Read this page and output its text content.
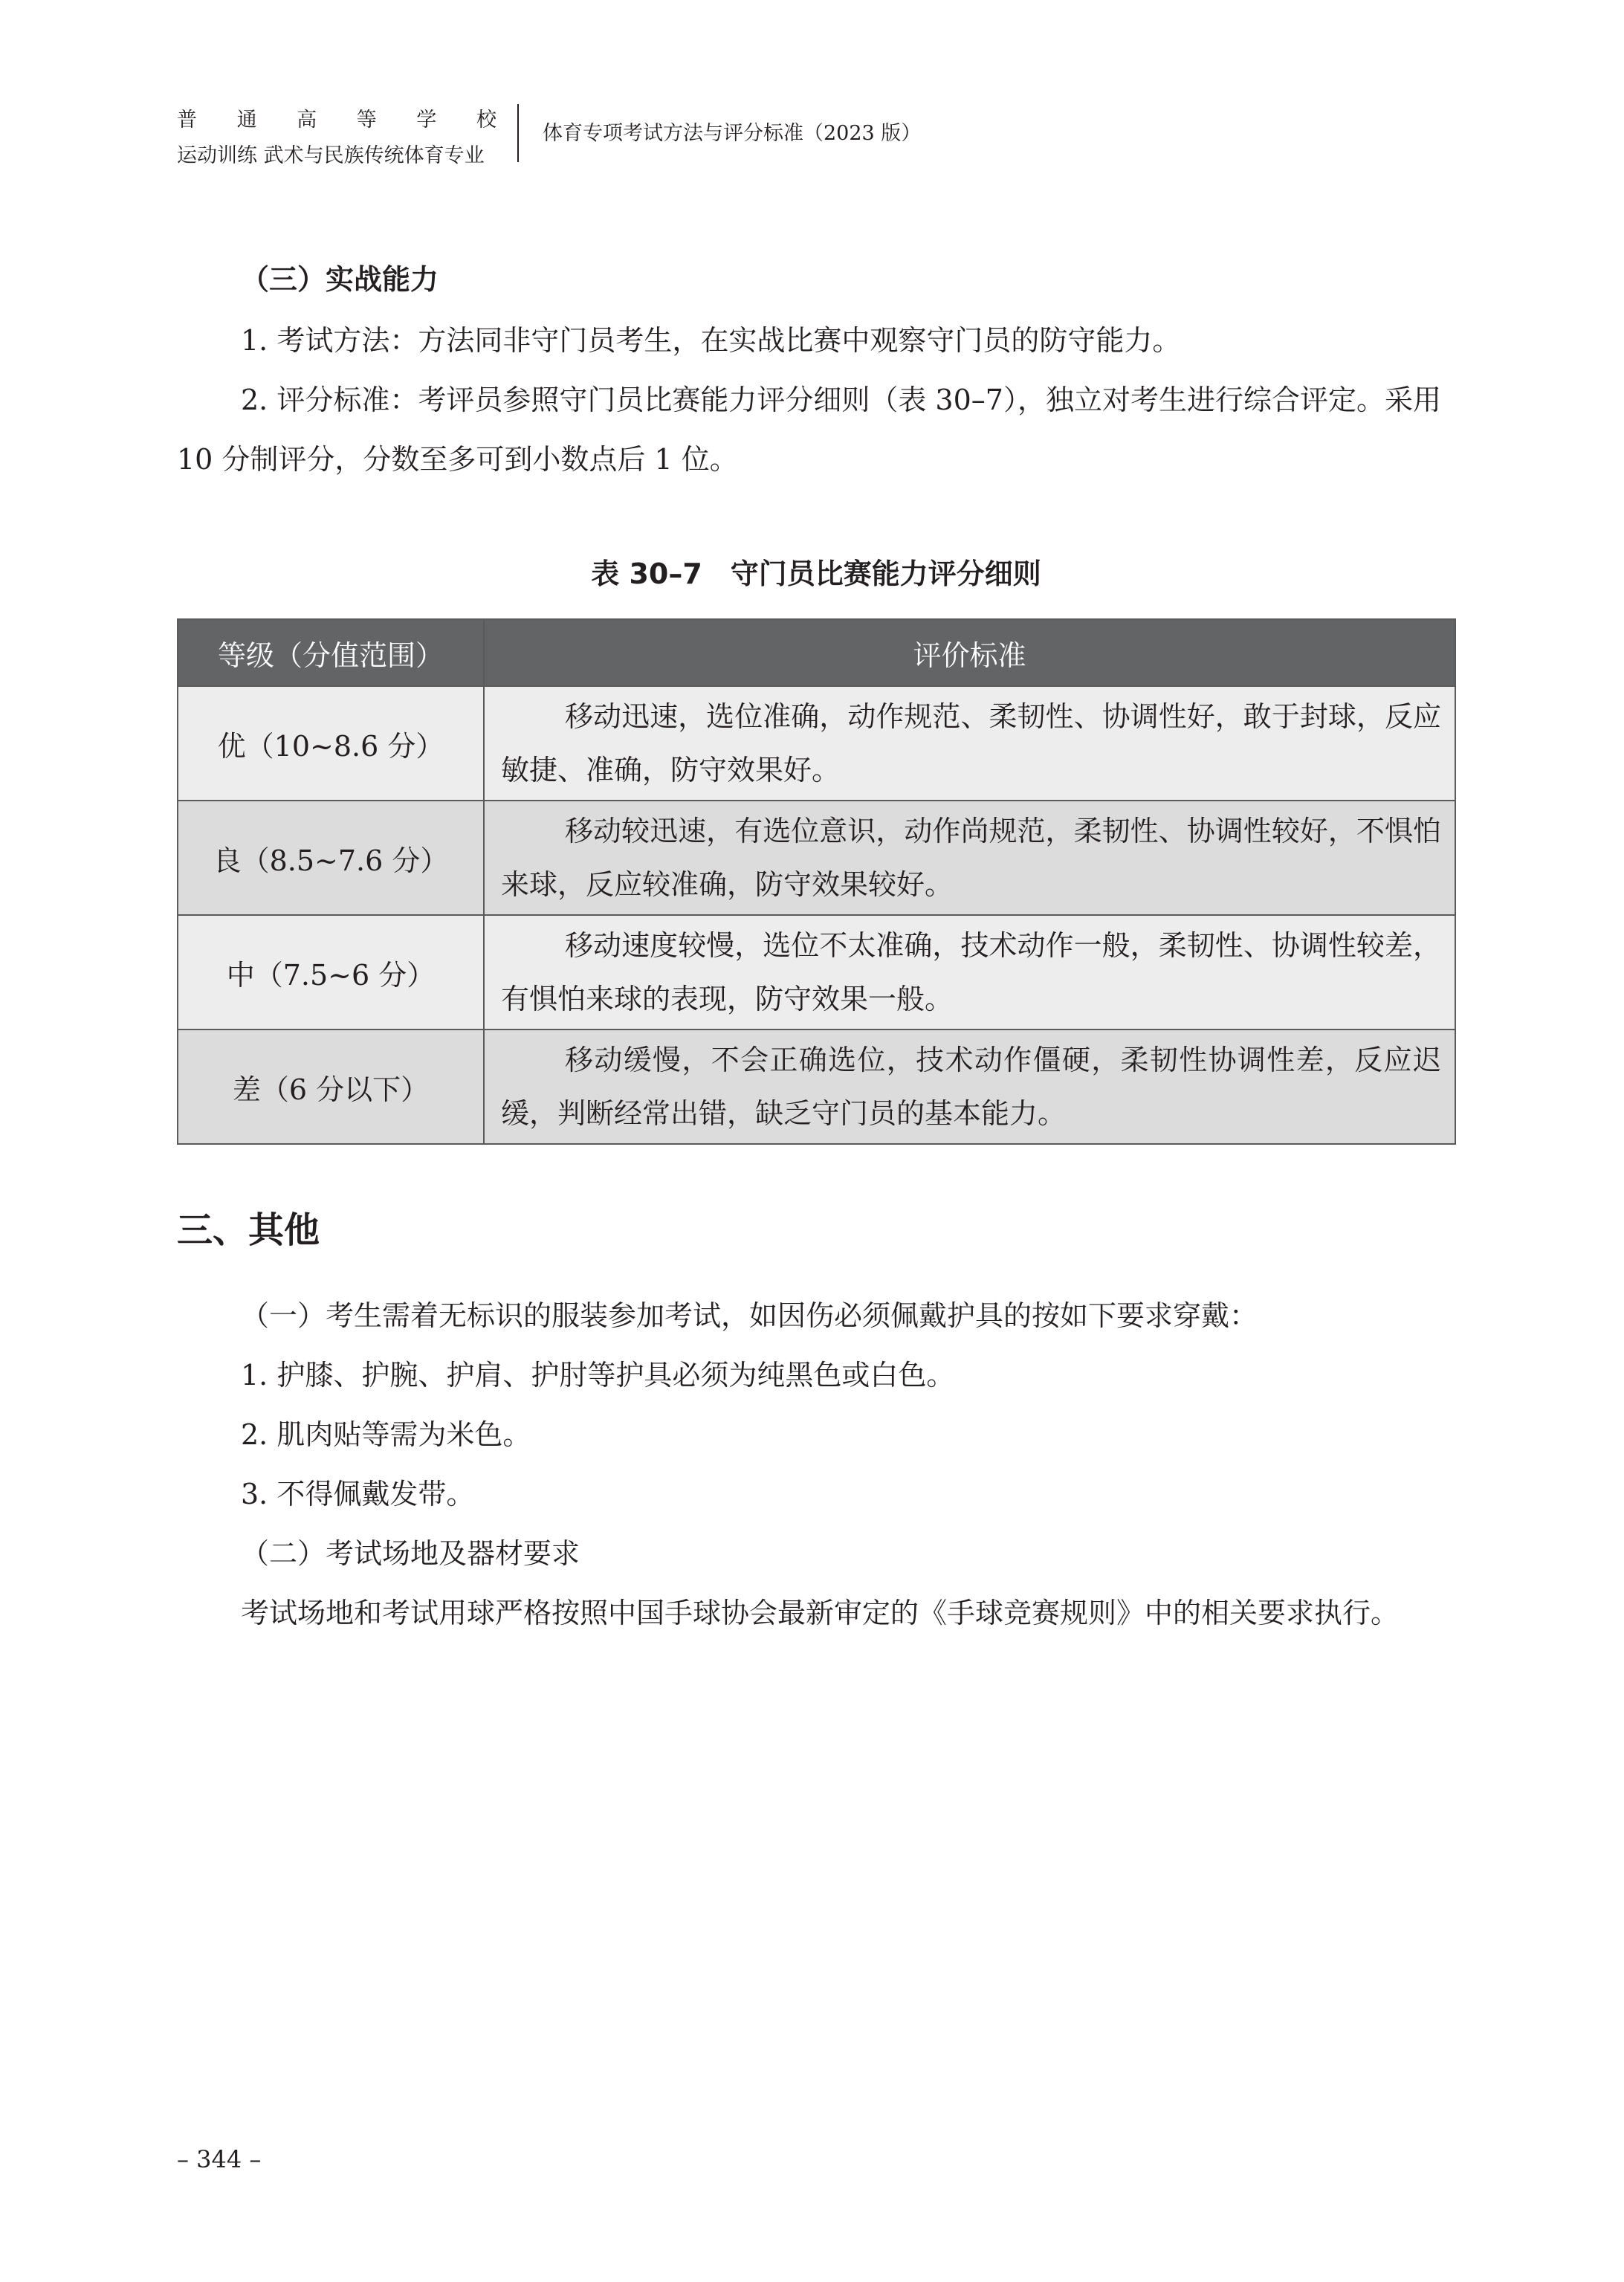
普 通 高 等 学 校
运动训练 武术与民族传统体育专业
体育专项考试方法与评分标准（2023 版）
（三）实战能力
1. 考试方法：方法同非守门员考生，在实战比赛中观察守门员的防守能力。
2. 评分标准：考评员参照守门员比赛能力评分细则（表 30–7），独立对考生进行综合评定。采用 10 分制评分，分数至多可到小数点后 1 位。
表 30–7　守门员比赛能力评分细则
等级（分值范围）	评价标准
优（10~8.6 分）	移动迅速，选位准确，动作规范、柔韧性、协调性好，敢于封球，反应敏捷、准确，防守效果好。
良（8.5~7.6 分）	移动较迅速，有选位意识，动作尚规范，柔韧性、协调性较好，不惧怕来球，反应较准确，防守效果较好。
中（7.5~6 分）	移动速度较慢，选位不太准确，技术动作一般，柔韧性、协调性较差，有惧怕来球的表现，防守效果一般。
差（6 分以下）	移动缓慢，不会正确选位，技术动作僵硬，柔韧性协调性差，反应迟缓，判断经常出错，缺乏守门员的基本能力。
三、其他
（一）考生需着无标识的服装参加考试，如因伤必须佩戴护具的按如下要求穿戴：
1. 护膝、护腕、护肩、护肘等护具必须为纯黑色或白色。
2. 肌肉贴等需为米色。
3. 不得佩戴发带。
（二）考试场地及器材要求
考试场地和考试用球严格按照中国手球协会最新审定的《手球竞赛规则》中的相关要求执行。
– 344 –
